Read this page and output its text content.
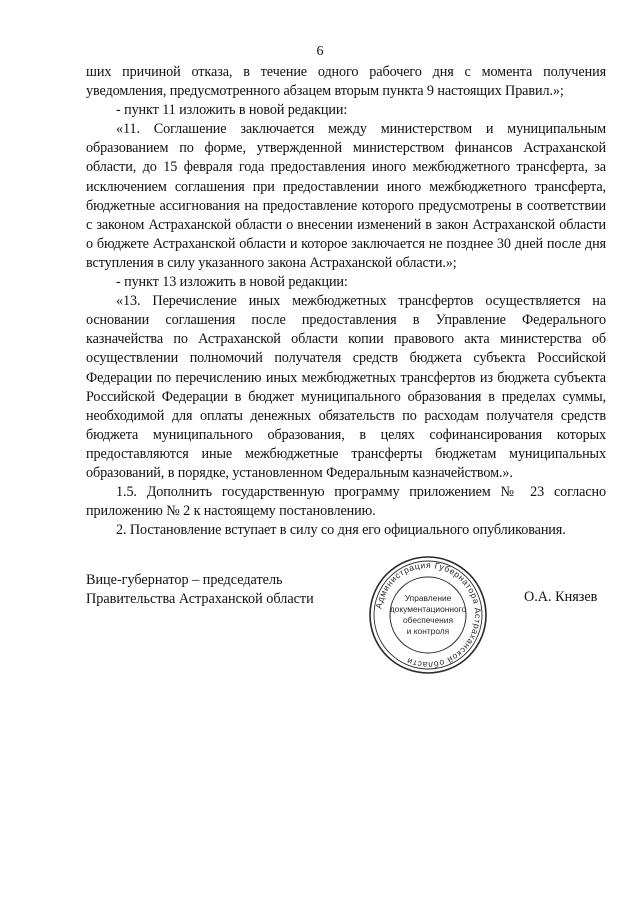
6

ших причиной отказа, в течение одного рабочего дня с момента получения уведомления, предусмотренного абзацем вторым пункта 9 настоящих Правил.»;

- пункт 11 изложить в новой редакции:

«11. Соглашение заключается между министерством и муниципальным образованием по форме, утвержденной министерством финансов Астраханской области, до 15 февраля года предоставления иного межбюджетного трансферта, за исключением соглашения при предоставлении иного межбюджетного трансферта, бюджетные ассигнования на предоставление которого предусмотрены в соответствии с законом Астраханской области о внесении изменений в закон Астраханской области о бюджете Астраханской области и которое заключается не позднее 30 дней после дня вступления в силу указанного закона Астраханской области.»;

- пункт 13 изложить в новой редакции:

«13. Перечисление иных межбюджетных трансфертов осуществляется на основании соглашения после предоставления в Управление Федерального казначейства по Астраханской области копии правового акта министерства об осуществлении полномочий получателя средств бюджета субъекта Российской Федерации по перечислению иных межбюджетных трансфертов из бюджета субъекта Российской Федерации в бюджет муниципального образования в пределах суммы, необходимой для оплаты денежных обязательств по расходам получателя средств бюджета муниципального образования, в целях софинансирования которых предоставляются иные межбюджетные трансферты бюджетам муниципальных образований, в порядке, установленном Федеральным казначейством.».

1.5. Дополнить государственную программу приложением № 23 согласно приложению № 2 к настоящему постановлению.

2. Постановление вступает в силу со дня его официального опубликования.

Вице-губернатор – председатель
Правительства Астраханской области	Администрация Губернатора Астраханской области
Управление
документационного
обеспечения
и контроля
О.А. Князев
